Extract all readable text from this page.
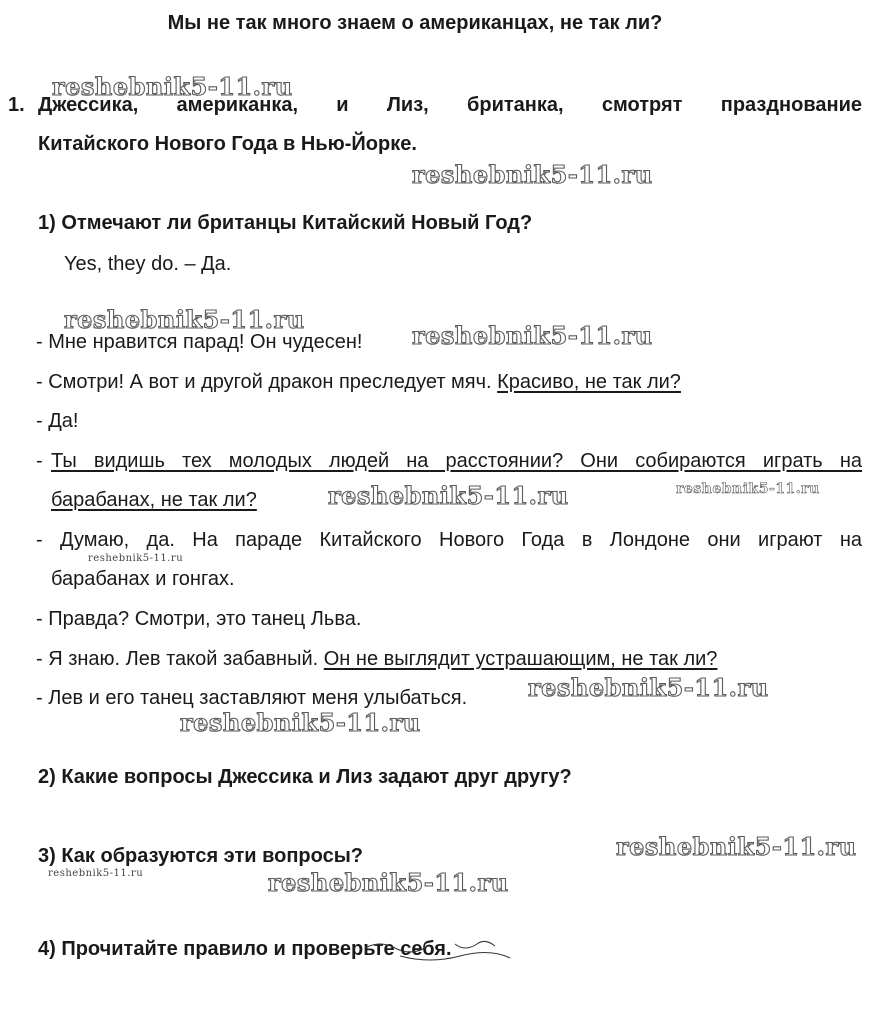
Мы не так много знаем о американцах, не так ли?
1. Джессика, американка, и Лиз, британка, смотрят празднование
Китайского Нового Года в Нью-Йорке.
1) Отмечают ли британцы Китайский Новый Год?
Yes, they do. – Да.
- Мне нравится парад! Он чудесен!
- Смотри! А вот и другой дракон преследует мяч. Красиво, не так ли?
- Да!
- Ты видишь тех молодых людей на расстоянии? Они собираются играть на
барабанах, не так ли?
- Думаю, да. На параде Китайского Нового Года в Лондоне они играют на
барабанах и гонгах.
- Правда? Смотри, это танец Льва.
- Я знаю. Лев такой забавный. Он не выглядит устрашающим, не так ли?
- Лев и его танец заставляют меня улыбаться.
2) Какие вопросы Джессика и Лиз задают друг другу?
3) Как образуются эти вопросы?
4) Прочитайте правило и проверьте себя.
reshebnik5-11.ru
reshebnik5-11.ru
reshebnik5-11.ru
reshebnik5-11.ru
reshebnik5-11.ru	reshebnik5-11.ru
reshebnik5-11.ru
reshebnik5-11.ru
reshebnik5-11.ru
reshebnik5-11.ru
reshebnik5-11.ru	reshebnik5-11.ru
